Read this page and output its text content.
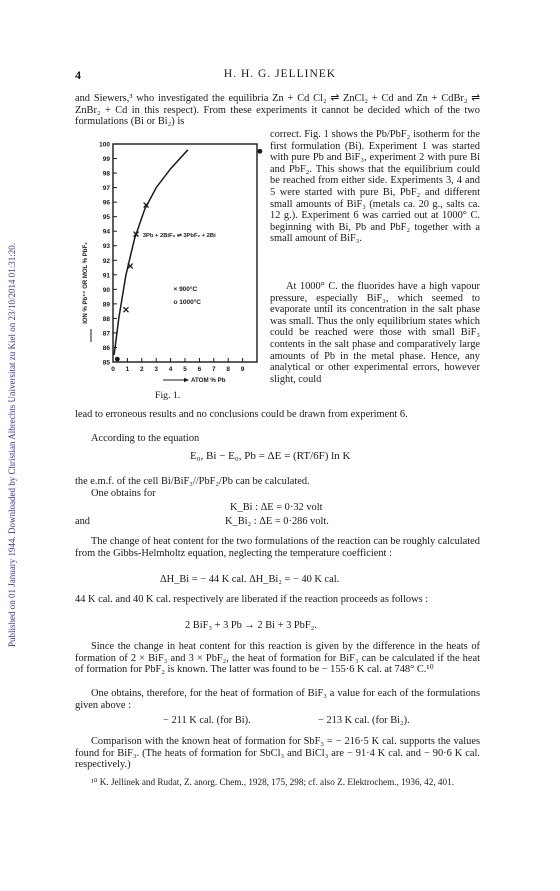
Published on 01 January 1944. Downloaded by Christian Albrechts Universitat zu Kiel on 23/10/2014 01:31:20.
4	H. H. G. JELLINEK
and Siewers,³ who investigated the equilibria Zn + Cd Cl₂ ⇌ ZnCl₂ + Cd and Zn + CdBr₂ ⇌ ZnBr₂ + Cd in this respect). From these experiments it cannot be decided which of the two formulations (Bi or Bi₂) is
85
86
87
88
89
90
91
92
93
94
95
96
97
98
99
100
0 1 2 3 4 5 6 7 8 9
ATOM % Pb
ION % Pb⁺⁺ OR MOL % PbF₂
3Pb + 2BiF₃ ⇌ 3PbF₂ + 2Bi
× 900°C
o 1000°C
Fig. 1.
correct. Fig. 1 shows the Pb/PbF₂ isotherm for the first formulation (Bi). Experiment 1 was started with pure Pb and BiF₃, experiment 2 with pure Bi and PbF₂. This shows that the equilibrium could be reached from either side. Experiments 3, 4 and 5 were started with pure Bi, PbF₂ and different small amounts of BiF₃ (metals ca. 20 g., salts ca. 12 g.). Experiment 6 was carried out at 1000° C. beginning with Bi, Pb and PbF₂ together with a small amount of BiF₃.
At 1000° C. the fluorides have a high vapour pressure, especially BiF₃, which seemed to evaporate until its concentration in the salt phase was small. Thus the only equilibrium states which could be reached were those with small BiF₃ contents in the salt phase and comparatively large amounts of Pb in the metal phase. Hence, any analytical or other experimental errors, however slight, could
lead to erroneous results and no conclusions could be drawn from experiment 6.
According to the equation
E₀, Bi − E₀, Pb = ΔE = (RT/6F) ln K
the e.m.f. of the cell Bi/BiF₃//PbF₂/Pb can be calculated.
One obtains for
K_Bi : ΔE = 0·32 volt
and	K_Bi₂ : ΔE = 0·286 volt.
The change of heat content for the two formulations of the reaction can be roughly calculated from the Gibbs-Helmholtz equation, neglecting the temperature coefficient :
ΔH_Bi = − 44 K cal. ΔH_Bi₂ = − 40 K cal.
44 K cal. and 40 K cal. respectively are liberated if the reaction proceeds as follows :
2 BiF₃ + 3 Pb → 2 Bi + 3 PbF₂.
Since the change in heat content for this reaction is given by the difference in the heats of formation of 2 × BiF₃ and 3 × PbF₂, the heat of formation for BiF₃ can be calculated if the heat of formation for PbF₂ is known. The latter was found to be − 155·6 K cal. at 748° C.¹⁰
One obtains, therefore, for the heat of formation of BiF₃ a value for each of the formulations given above :
− 211 K cal. (for Bi).	− 213 K cal. (for Bi₂).
Comparison with the known heat of formation for SbF₃ = − 216·5 K cal. supports the values found for BiF₃. (The heats of formation for SbCl₃ and BiCl₃ are − 91·4 K cal. and − 90·6 K cal. respectively.)
¹⁰ K. Jellinek and Rudat, Z. anorg. Chem., 1928, 175, 298; cf. also Z. Elektrochem., 1936, 42, 401.
